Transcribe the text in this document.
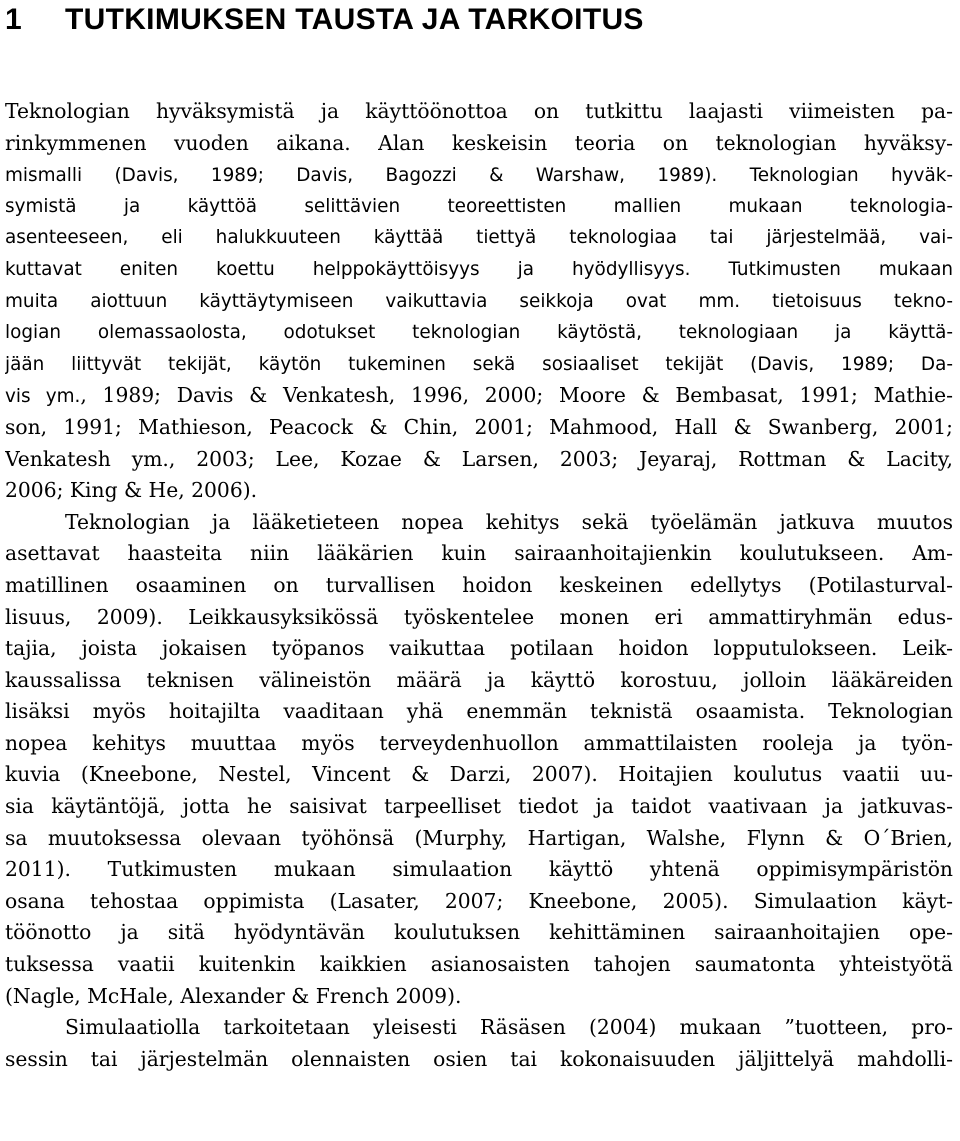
1 TUTKIMUKSEN TAUSTA JA TARKOITUS
Teknologian hyväksymistä ja käyttöönottoa on tutkittu laajasti viimeisten pa-
rinkymmenen vuoden aikana. Alan keskeisin teoria on teknologian hyväksy-
mismalli (Davis, 1989; Davis, Bagozzi & Warshaw, 1989). Teknologian hyväk-
symistä ja käyttöä selittävien teoreettisten mallien mukaan teknologia-
asenteeseen, eli halukkuuteen käyttää tiettyä teknologiaa tai järjestelmää, vai-
kuttavat eniten koettu helppokäyttöisyys ja hyödyllisyys. Tutkimusten mukaan
muita aiottuun käyttäytymiseen vaikuttavia seikkoja ovat mm. tietoisuus tekno-
logian olemassaolosta, odotukset teknologian käytöstä, teknologiaan ja käyttä-
jään liittyvät tekijät, käytön tukeminen sekä sosiaaliset tekijät (Davis, 1989; Da-
vis ym., 1989; Davis & Venkatesh, 1996, 2000; Moore & Bembasat, 1991; Mathie-
son, 1991; Mathieson, Peacock & Chin, 2001; Mahmood, Hall & Swanberg, 2001;
Venkatesh ym., 2003; Lee, Kozae & Larsen, 2003; Jeyaraj, Rottman & Lacity,
2006; King & He, 2006).
Teknologian ja lääketieteen nopea kehitys sekä työelämän jatkuva muutos
asettavat haasteita niin lääkärien kuin sairaanhoitajienkin koulutukseen. Am-
matillinen osaaminen on turvallisen hoidon keskeinen edellytys (Potilasturval-
lisuus, 2009). Leikkausyksikössä työskentelee monen eri ammattiryhmän edus-
tajia, joista jokaisen työpanos vaikuttaa potilaan hoidon lopputulokseen. Leik-
kaussalissa teknisen välineistön määrä ja käyttö korostuu, jolloin lääkäreiden
lisäksi myös hoitajilta vaaditaan yhä enemmän teknistä osaamista. Teknologian
nopea kehitys muuttaa myös terveydenhuollon ammattilaisten rooleja ja työn-
kuvia (Kneebone, Nestel, Vincent & Darzi, 2007). Hoitajien koulutus vaatii uu-
sia käytäntöjä, jotta he saisivat tarpeelliset tiedot ja taidot vaativaan ja jatkuvas-
sa muutoksessa olevaan työhönsä (Murphy, Hartigan, Walshe, Flynn & O´Brien,
2011). Tutkimusten mukaan simulaation käyttö yhtenä oppimisympäristön
osana tehostaa oppimista (Lasater, 2007; Kneebone, 2005). Simulaation käyt-
töönotto ja sitä hyödyntävän koulutuksen kehittäminen sairaanhoitajien ope-
tuksessa vaatii kuitenkin kaikkien asianosaisten tahojen saumatonta yhteistyötä
(Nagle, McHale, Alexander & French 2009).
Simulaatiolla tarkoitetaan yleisesti Räsäsen (2004) mukaan ”tuotteen, pro-
sessin tai järjestelmän olennaisten osien tai kokonaisuuden jäljittelyä mahdolli-
